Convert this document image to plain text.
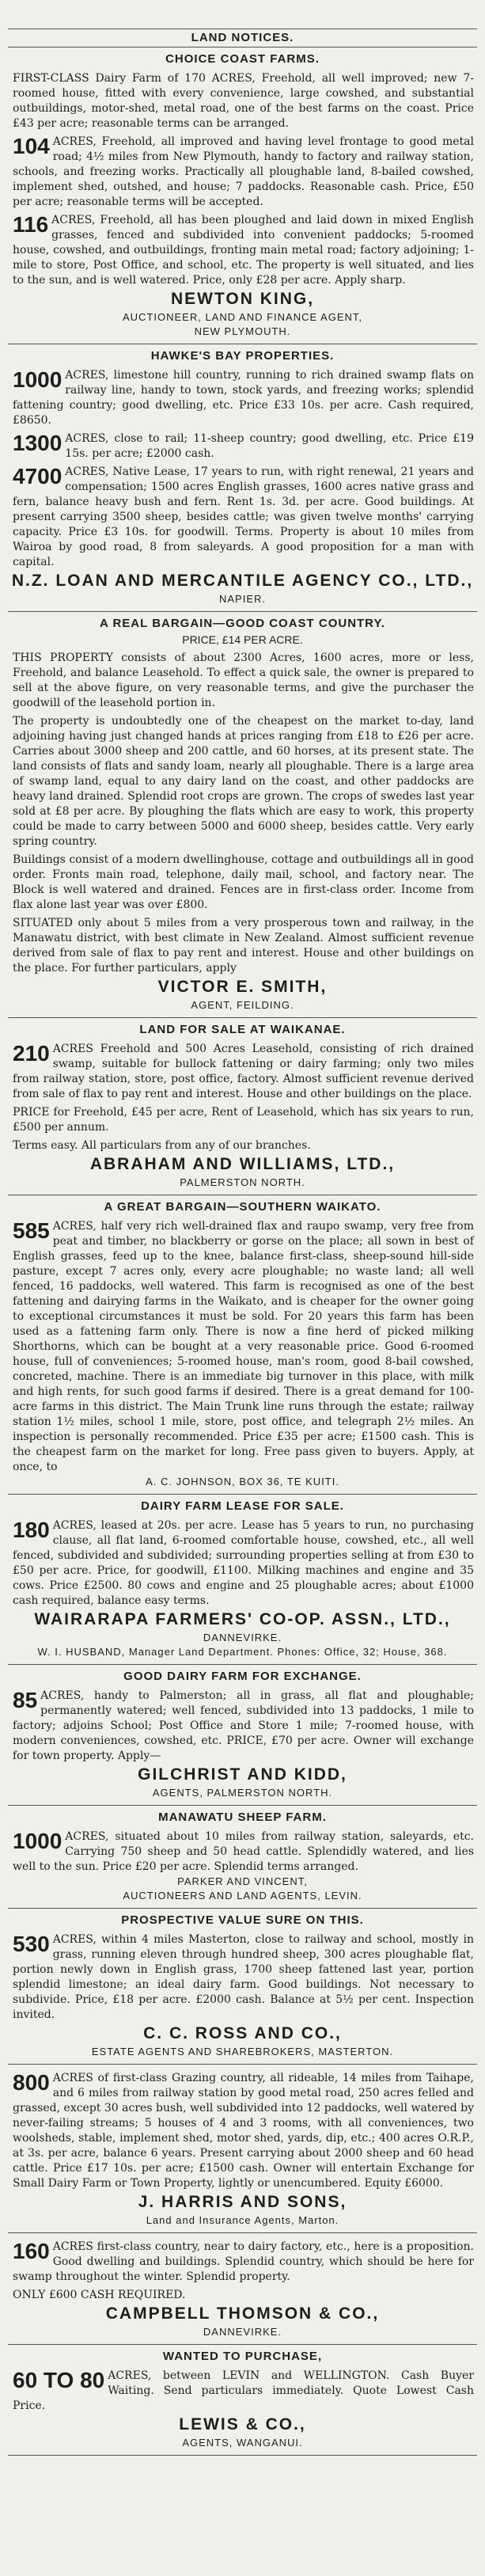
LAND NOTICES.
CHOICE COAST FARMS.
FIRST-CLASS Dairy Farm of 170 ACRES, Freehold, all well improved; new 7-roomed house, fitted with every convenience, large cowshed, and substantial outbuildings, motor-shed, metal road, one of the best farms on the coast. Price £43 per acre; reasonable terms can be arranged.
104 ACRES, Freehold, all improved and having level frontage to good metal road; 4½ miles from New Plymouth, handy to factory and railway station, schools, and freezing works. Practically all ploughable land, 8-bailed cowshed, implement shed, outshed, and house; 7 paddocks. Reasonable cash. Price, £50 per acre; reasonable terms will be accepted.
116 ACRES, Freehold, all has been ploughed and laid down in mixed English grasses, fenced and subdivided into convenient paddocks; 5-roomed house, cowshed, and outbuildings, fronting main metal road; factory adjoining; 1-mile to store, Post Office, and school, etc. The property is well situated, and lies to the sun, and is well watered. Price, only £28 per acre. Apply sharp.
NEWTON KING,
AUCTIONEER, LAND AND FINANCE AGENT,
NEW PLYMOUTH.
HAWKE'S BAY PROPERTIES.
1000 ACRES, limestone hill country, running to rich drained swamp flats on railway line, handy to town, stock yards, and freezing works; splendid fattening country; good dwelling, etc. Price £33 10s. per acre. Cash required, £8650.
1300 ACRES, close to rail; 11-sheep country; good dwelling, etc. Price £19 15s. per acre; £2000 cash.
4700 ACRES, Native Lease, 17 years to run, with right renewal, 21 years and compensation; 1500 acres English grasses, 1600 acres native grass and fern, balance heavy bush and fern. Rent 1s. 3d. per acre. Good buildings. At present carrying 3500 sheep, besides cattle; was given twelve months' carrying capacity. Price £3 10s. for goodwill. Terms. Property is about 10 miles from Wairoa by good road, 8 from saleyards. A good proposition for a man with capital.
N.Z. LOAN AND MERCANTILE AGENCY CO., LTD.,
NAPIER.
A REAL BARGAIN—GOOD COAST COUNTRY.
PRICE, £14 PER ACRE.
THIS PROPERTY consists of about 2300 Acres, 1600 acres, more or less, Freehold, and balance Leasehold. To effect a quick sale, the owner is prepared to sell at the above figure, on very reasonable terms, and give the purchaser the goodwill of the leasehold portion in.
The property is undoubtedly one of the cheapest on the market to-day, land adjoining having just changed hands at prices ranging from £18 to £26 per acre. Carries about 3000 sheep and 200 cattle, and 60 horses, at its present state. The land consists of flats and sandy loam, nearly all ploughable. There is a large area of swamp land, equal to any dairy land on the coast, and other paddocks are heavy land drained. Splendid root crops are grown. The crops of swedes last year sold at £8 per acre. By ploughing the flats which are easy to work, this property could be made to carry between 5000 and 6000 sheep, besides cattle. Very early spring country.
Buildings consist of a modern dwellinghouse, cottage and outbuildings all in good order. Fronts main road, telephone, daily mail, school, and factory near. The Block is well watered and drained. Fences are in first-class order. Income from flax alone last year was over £800.
SITUATED only about 5 miles from a very prosperous town and railway, in the Manawatu district, with best climate in New Zealand. Almost sufficient revenue derived from sale of flax to pay rent and interest. House and other buildings on the place. For further particulars, apply
VICTOR E. SMITH,
AGENT, FEILDING.
LAND FOR SALE AT WAIKANAE.
210 ACRES Freehold and 500 Acres Leasehold, consisting of rich drained swamp, suitable for bullock fattening or dairy farming; only two miles from railway station, store, post office, factory. Almost sufficient revenue derived from sale of flax to pay rent and interest. House and other buildings on the place.
PRICE for Freehold, £45 per acre, Rent of Leasehold, which has six years to run, £500 per annum.
Terms easy. All particulars from any of our branches.
ABRAHAM AND WILLIAMS, LTD.,
PALMERSTON NORTH.
A GREAT BARGAIN—SOUTHERN WAIKATO.
585 ACRES, half very rich well-drained flax and raupo swamp, very free from peat and timber, no blackberry or gorse on the place; all sown in best of English grasses, feed up to the knee, balance first-class, sheep-sound hill-side pasture, except 7 acres only, every acre ploughable; no waste land; all well fenced, 16 paddocks, well watered. This farm is recognised as one of the best fattening and dairying farms in the Waikato, and is cheaper for the owner going to exceptional circumstances it must be sold. For 20 years this farm has been used as a fattening farm only. There is now a fine herd of picked milking Shorthorns, which can be bought at a very reasonable price. Good 6-roomed house, full of conveniences; 5-roomed house, man's room, good 8-bail cowshed, concreted, machine. There is an immediate big turnover in this place, with milk and high rents, for such good farms if desired. There is a great demand for 100-acre farms in this district. The Main Trunk line runs through the estate; railway station 1½ miles, school 1 mile, store, post office, and telegraph 2½ miles. An inspection is personally recommended. Price £35 per acre; £1500 cash. This is the cheapest farm on the market for long. Free pass given to buyers. Apply, at once, to
A. C. JOHNSON, BOX 36, TE KUITI.
DAIRY FARM LEASE FOR SALE.
180 ACRES, leased at 20s. per acre. Lease has 5 years to run, no purchasing clause, all flat land, 6-roomed comfortable house, cowshed, etc., all well fenced, subdivided and subdivided; surrounding properties selling at from £30 to £50 per acre. Price, for goodwill, £1100. Milking machines and engine and 35 cows. Price £2500. 80 cows and engine and 25 ploughable acres; about £1000 cash required, balance easy terms.
WAIRARAPA FARMERS' CO-OP. ASSN., LTD.,
DANNEVIRKE.
W. I. HUSBAND, Manager Land Department. Phones: Office, 32; House, 368.
GOOD DAIRY FARM FOR EXCHANGE.
85 ACRES, handy to Palmerston; all in grass, all flat and ploughable; permanently watered; well fenced, subdivided into 13 paddocks, 1 mile to factory; adjoins School; Post Office and Store 1 mile; 7-roomed house, with modern conveniences, cowshed, etc. PRICE, £70 per acre. Owner will exchange for town property. Apply—
GILCHRIST AND KIDD,
AGENTS, PALMERSTON NORTH.
MANAWATU SHEEP FARM.
1000 ACRES, situated about 10 miles from railway station, saleyards, etc. Carrying 750 sheep and 50 head cattle. Splendidly watered, and lies well to the sun. Price £20 per acre. Splendid terms arranged.
PARKER AND VINCENT,
AUCTIONEERS AND LAND AGENTS, LEVIN.
PROSPECTIVE VALUE SURE ON THIS.
530 ACRES, within 4 miles Masterton, close to railway and school, mostly in grass, running eleven through hundred sheep, 300 acres ploughable flat, portion newly down in English grass, 1700 sheep fattened last year, portion splendid limestone; an ideal dairy farm. Good buildings. Not necessary to subdivide. Price, £18 per acre. £2000 cash. Balance at 5½ per cent. Inspection invited.
C. C. ROSS AND CO.,
ESTATE AGENTS AND SHAREBROKERS, MASTERTON.
800 ACRES of first-class Grazing country, all rideable, 14 miles from Taihape, and 6 miles from railway station by good metal road, 250 acres felled and grassed, except 30 acres bush, well subdivided into 12 paddocks, well watered by never-failing streams; 5 houses of 4 and 3 rooms, with all conveniences, two woolsheds, stable, implement shed, motor shed, yards, dip, etc.; 400 acres O.R.P., at 3s. per acre, balance 6 years. Present carrying about 2000 sheep and 60 head cattle. Price £17 10s. per acre; £1500 cash. Owner will entertain Exchange for Small Dairy Farm or Town Property, lightly or unencumbered. Equity £6000.
J. HARRIS AND SONS,
Land and Insurance Agents, Marton.
160 ACRES first-class country, near to dairy factory, etc., here is a proposition. Good dwelling and buildings. Splendid country, which should be here for swamp throughout the winter. Splendid property.
ONLY £600 CASH REQUIRED.
CAMPBELL THOMSON & CO.,
DANNEVIRKE.
WANTED TO PURCHASE,
60 TO 80 ACRES, between LEVIN and WELLINGTON. Cash Buyer Waiting. Send particulars immediately. Quote Lowest Cash Price.
LEWIS & CO.,
AGENTS, WANGANUI.
